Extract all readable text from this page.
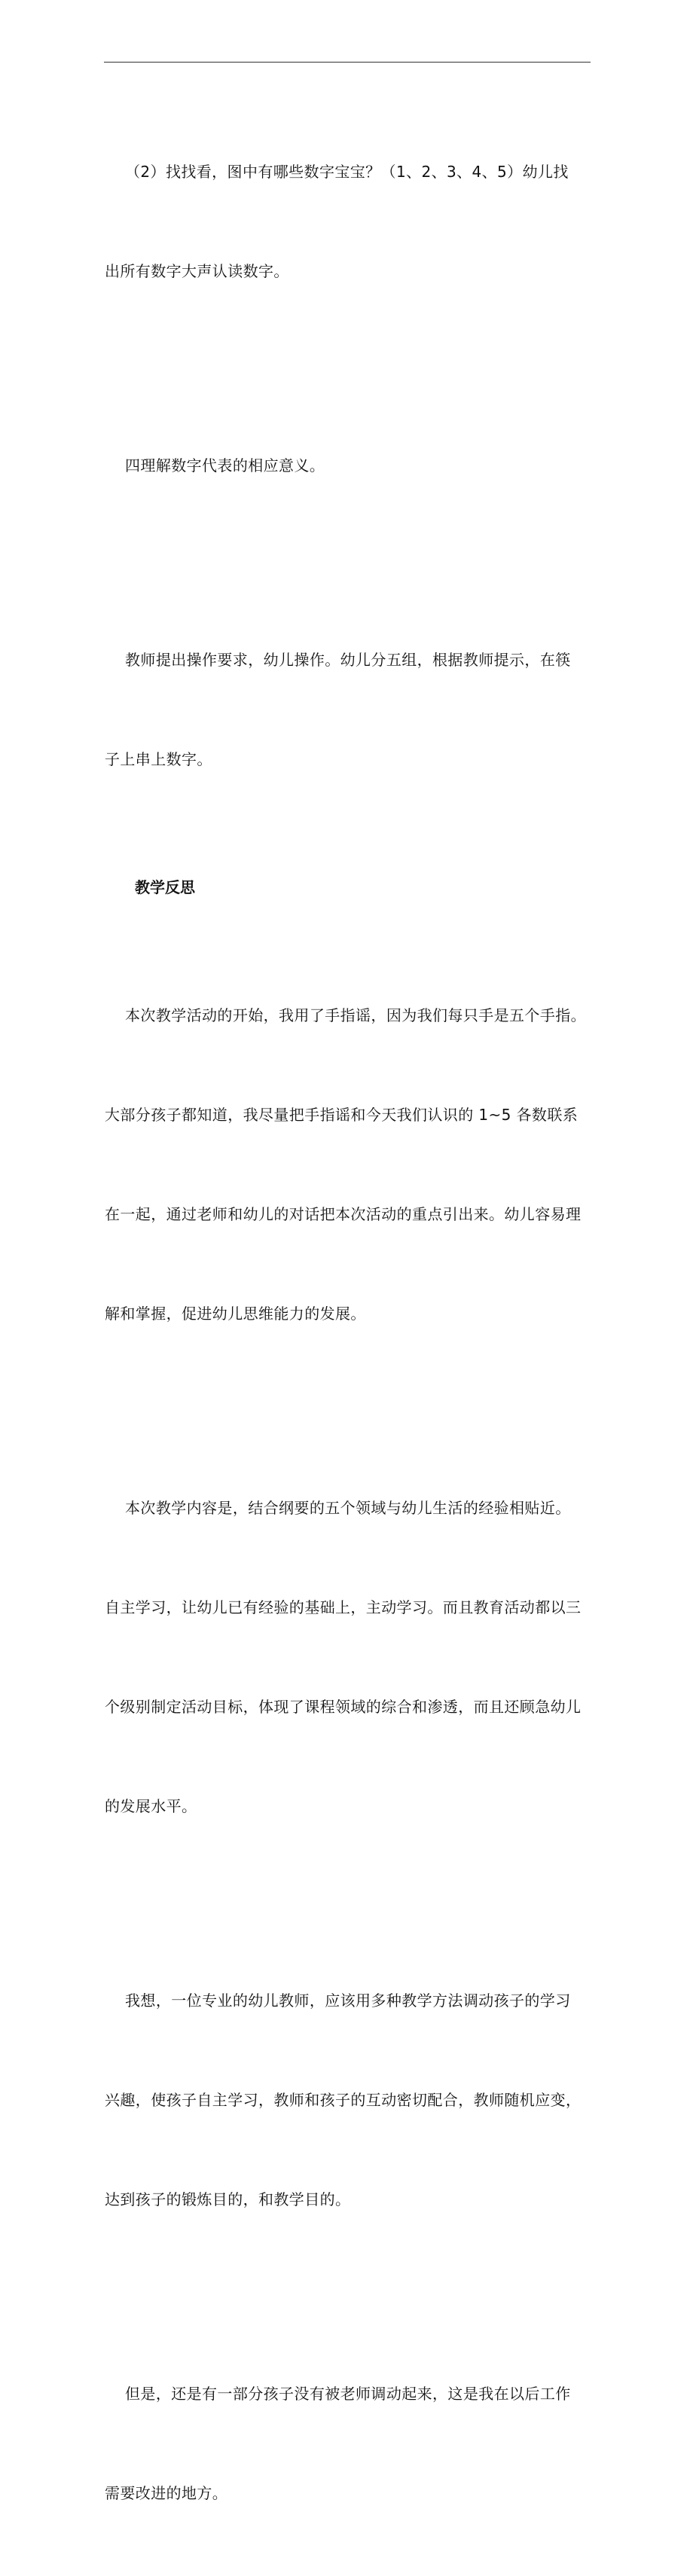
（2）找找看，图中有哪些数字宝宝？（1、2、3、4、5）幼儿找

出所有数字大声认读数字。

四理解数字代表的相应意义。

教师提出操作要求，幼儿操作。幼儿分五组，根据教师提示，在筷

子上串上数字。

教学反思

本次教学活动的开始，我用了手指谣，因为我们每只手是五个手指。

大部分孩子都知道，我尽量把手指谣和今天我们认识的 1~5 各数联系

在一起，通过老师和幼儿的对话把本次活动的重点引出来。幼儿容易理

解和掌握，促进幼儿思维能力的发展。

本次教学内容是，结合纲要的五个领域与幼儿生活的经验相贴近。

自主学习，让幼儿已有经验的基础上，主动学习。而且教育活动都以三

个级别制定活动目标，体现了课程领域的综合和渗透，而且还顾急幼儿

的发展水平。

我想，一位专业的幼儿教师，应该用多种教学方法调动孩子的学习

兴趣，使孩子自主学习，教师和孩子的互动密切配合，教师随机应变，

达到孩子的锻炼目的，和教学目的。

但是，还是有一部分孩子没有被老师调动起来，这是我在以后工作

需要改进的地方。
